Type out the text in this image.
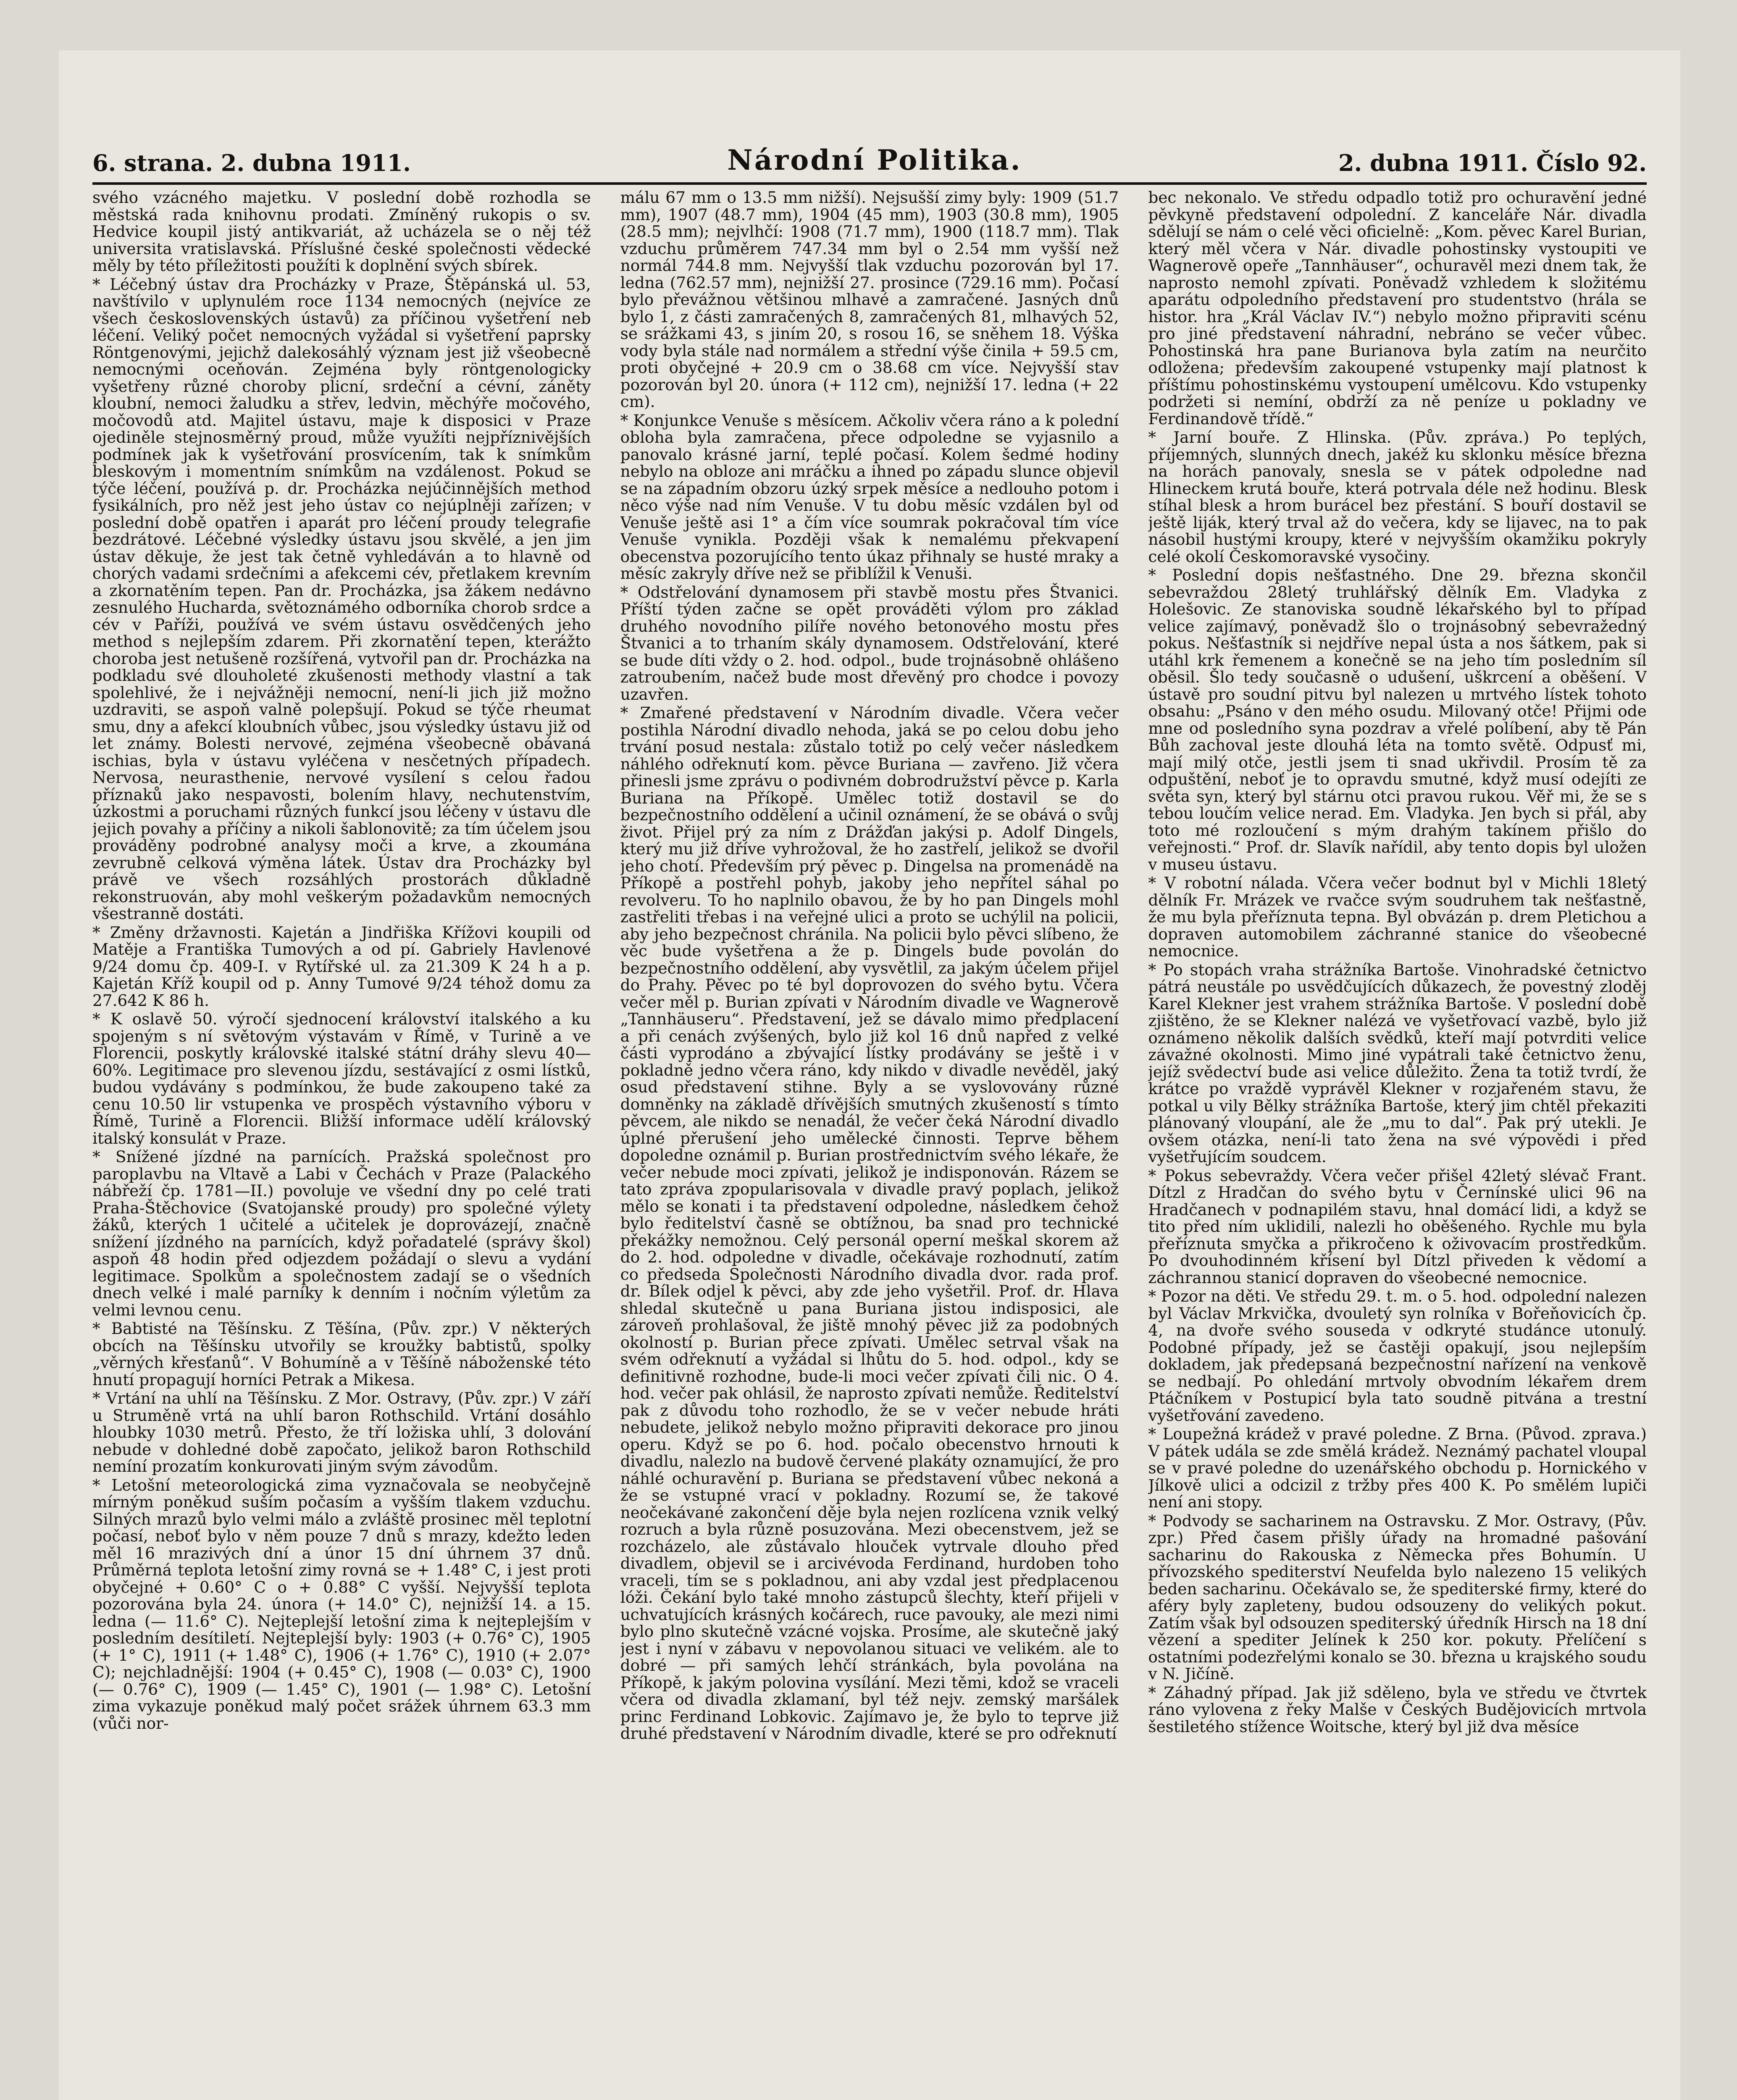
6. strana. 2. dubna 1911.	Národní Politika.	2. dubna 1911. Číslo 92.

svého vzácného majetku. V poslední době rozhodla se městská rada knihovnu prodati. Zmíněný rukopis o sv. Hedvice koupil jistý antikvariát, až ucházela se o něj též universita vratislavská. Příslušné české společnosti vědecké měly by této příležitosti použíti k doplnění svých sbírek.

* Léčebný ústav dra Procházky v Praze, Štěpánská ul. 53, navštívilo v uplynulém roce 1134 nemocných (nejvíce ze všech československých ústavů) za příčinou vyšetření neb léčení. Veliký počet nemocných vyžádal si vyšetření paprsky Röntgenovými, jejichž dalekosáhlý význam jest již všeobecně nemocnými oceňován. Zejména byly röntgenologicky vyšetřeny různé choroby plicní, srdeční a cévní, záněty kloubní, nemoci žaludku a střev, ledvin, měchýře močového, močovodů atd. Majitel ústavu, maje k disposici v Praze ojediněle stejnosměrný proud, může využíti nejpříznivějších podmínek jak k vyšetřování prosvícením, tak k snímkům bleskovým i momentním snímkům na vzdálenost. Pokud se týče léčení, používá p. dr. Procházka nejúčinnějších method fysikálních, pro něž jest jeho ústav co nejúplněji zařízen; v poslední době opatřen i aparát pro léčení proudy telegrafie bezdrátové. Léčebné výsledky ústavu jsou skvělé, a jen jim ústav děkuje, že jest tak četně vyhledáván a to hlavně od chorých vadami srdečními a afekcemi cév, přetlakem krevním a zkornatěním tepen. Pan dr. Procházka, jsa žákem nedávno zesnulého Huchardа, světoznámého odborníka chorob srdce a cév v Paříži, používá ve svém ústavu osvědčených jeho method s nejlepším zdarem. Při zkornatění tepen, kterážto choroba jest netušeně rozšířená, vytvořil pan dr. Procházka na podkladu své dlouholeté zkušenosti methody vlastní a tak spolehlivé, že i nejvážněji nemocní, není-li jich již možno uzdraviti, se aspoň valně polepšují. Pokud se týče rheumat smu, dny a afekcí kloubních vůbec, jsou výsledky ústavu již od let známy. Bolesti nervové, zejména všeobecně obávaná ischias, byla v ústavu vyléčena v nesčetných případech. Nervosa, neurasthenie, nervové vysílení s celou řadou příznaků jako nespavosti, bolením hlavy, nechutenstvím, úzkostmi a poruchami různých funkcí jsou léčeny v ústavu dle jejich povahy a příčiny a nikoli šablonovitě; za tím účelem jsou prováděny podrobné analysy moči a krve, a zkoumána zevrubně celková výměna látek. Ústav dra Procházky byl právě ve všech rozsáhlých prostorách důkladně rekonstruován, aby mohl veškerým požadavkům nemocných všestranně dostáti.

* Změny državnosti. Kajetán a Jindřiška Křížovi koupili od Matěje a Františka Tumových a od pí. Gabriely Havlenové 9/24 domu čp. 409-I. v Rytířské ul. za 21.309 K 24 h a p. Kajetán Kříž koupil od p. Anny Tumové 9/24 téhož domu za 27.642 K 86 h.

* K oslavě 50. výročí sjednocení království italského a ku spojeným s ní světovým výstavám v Římě, v Turině a ve Florencii, poskytly královské italské státní dráhy slevu 40—60%. Legitimace pro slevenou jízdu, sestávající z osmi lístků, budou vydávány s podmínkou, že bude zakoupeno také za cenu 10.50 lir vstupenka ve prospěch výstavního výboru v Římě, Turině a Florencii. Bližší informace udělí královský italský konsulát v Praze.

* Snížené jízdné na parnících. Pražská společnost pro paroplavbu na Vltavě a Labi v Čechách v Praze (Palackého nábřeží čp. 1781—II.) povoluje ve všední dny po celé trati Praha-Štěchovice (Svatojanské proudy) pro společné výlety žáků, kterých 1 učitelé a učitelek je doprovázejí, značně snížení jízdného na parnících, když pořadatelé (správy škol) aspoň 48 hodin před odjezdem požádají o slevu a vydání legitimace. Spolkům a společnostem zadají se o všedních dnech velké i malé parníky k denním i nočním výletům za velmi levnou cenu.

* Babtisté na Těšínsku. Z Těšína, (Pův. zpr.) V některých obcích na Těšínsku utvořily se kroužky babtistů, spolky „věrných křesťanů“. V Bohumíně a v Těšíně náboženské této hnutí propagují horníci Petrak a Mikesa.

* Vrtání na uhlí na Těšínsku. Z Mor. Ostravy, (Pův. zpr.) V září u Struměně vrtá na uhlí baron Rothschild. Vrtání dosáhlo hloubky 1030 metrů. Přesto, že tří ložiska uhlí, 3 dolování nebude v dohledné době započato, jelikož baron Rothschild nemíní prozatím konkurovati jiným svým závodům.

* Letošní meteorologická zima vyznačovala se neobyčejně mírným poněkud suším počasím a vyšším tlakem vzduchu. Silných mrazů bylo velmi málo a zvláště prosinec měl teplotní počasí, neboť bylo v něm pouze 7 dnů s mrazy, kdežto leden měl 16 mrazivých dní a únor 15 dní úhrnem 37 dnů. Průměrná teplota letošní zimy rovná se + 1.48° C, i jest proti obyčejné + 0.60° C o + 0.88° C vyšší. Nejvyšší teplota pozorována byla 24. února (+ 14.0° C), nejnižší 14. a 15. ledna (— 11.6° C). Nejteplejší letošní zima k nejteplejším v posledním desítiletí. Nejteplejší byly: 1903 (+ 0.76° C), 1905 (+ 1° C), 1911 (+ 1.48° C), 1906 (+ 1.76° C), 1910 (+ 2.07° C); nejchladnější: 1904 (+ 0.45° C), 1908 (— 0.03° C), 1900 (— 0.76° C), 1909 (— 1.45° C), 1901 (— 1.98° C). Letošní zima vykazuje poněkud malý počet srážek úhrnem 63.3 mm (vůči nor-

málu 67 mm o 13.5 mm nižší). Nejsušší zimy byly: 1909 (51.7 mm), 1907 (48.7 mm), 1904 (45 mm), 1903 (30.8 mm), 1905 (28.5 mm); nejvlhčí: 1908 (71.7 mm), 1900 (118.7 mm). Tlak vzduchu průměrem 747.34 mm byl o 2.54 mm vyšší než normál 744.8 mm. Nejvyšší tlak vzduchu pozorován byl 17. ledna (762.57 mm), nejnižší 27. prosince (729.16 mm). Počasí bylo převážnou většinou mlhavé a zamračené. Jasných dnů bylo 1, z části zamračených 8, zamračených 81, mlhavých 52, se srážkami 43, s jiním 20, s rosou 16, se sněhem 18. Výška vody byla stále nad normálem a střední výše činila + 59.5 cm, proti obyčejné + 20.9 cm o 38.68 cm více. Nejvyšší stav pozorován byl 20. února (+ 112 cm), nejnižší 17. ledna (+ 22 cm).

* Konjunkce Venuše s měsícem. Ačkoliv včera ráno a k polední obloha byla zamračena, přece odpoledne se vyjasnilo a panovalo krásné jarní, teplé počasí. Kolem šedmé hodiny nebylo na obloze ani mráčku a ihned po západu slunce objevil se na západním obzoru úzký srpek měsíce a nedlouho potom i něco výše nad ním Venuše. V tu dobu měsíc vzdálen byl od Venuše ještě asi 1° a čím více soumrak pokračoval tím více Venuše vynikla. Později však k nemalému překvapení obecenstva pozorujícího tento úkaz přihnaly se husté mraky a měsíc zakryly dříve než se přiblížil k Venuši.

* Odstřelování dynamosem při stavbě mostu přes Štvanici. Příští týden začne se opět prováděti výlom pro základ druhého novodního pilíře nového betonového mostu přes Štvanici a to trhaním skály dynamosem. Odstřelování, které se bude díti vždy o 2. hod. odpol., bude trojnásobně ohlášeno zatroubením, načež bude most dřevěný pro chodce i povozy uzavřen.

* Zmařené představení v Národním divadle. Včera večer postihla Národní divadlo nehoda, jaká se po celou dobu jeho trvání posud nestala: zůstalo totiž po celý večer následkem náhlého odřeknutí kom. pěvce Buriana — zavřeno. Již včera přinesli jsme zprávu o podivném dobrodružství pěvce p. Karla Buriana na Příkopě. Umělec totiž dostavil se do bezpečnostního oddělení a učinil oznámení, že se obává o svůj život. Přijel prý za ním z Drážďan jakýsi p. Adolf Dingels, který mu již dříve vyhrožoval, že ho zastřelí, jelikož se dvořil jeho chotí. Především prý pěvec p. Dingelsa na promenádě na Příkopě a postřehl pohyb, jakoby jeho nepřítel sáhal po revolveru. To ho naplnilo obavou, že by ho pan Dingels mohl zastřeliti třebas i na veřejné ulici a proto se uchýlil na policii, aby jeho bezpečnost chránila. Na policii bylo pěvci slíbeno, že věc bude vyšetřena a že p. Dingels bude povolán do bezpečnostního oddělení, aby vysvětlil, za jakým účelem přijel do Prahy. Pěvec po té byl doprovozen do svého bytu. Včera večer měl p. Burian zpívati v Národním divadle ve Wagnerově „Tannhäuseru“. Představení, jež se dávalo mimo předplacení a při cenách zvýšených, bylo již kol 16 dnů napřed z velké části vyprodáno a zbývající lístky prodávány se ještě i v pokladně jedno včera ráno, kdy nikdo v divadle nevěděl, jaký osud představení stihne. Byly a se vyslovovány různé domněnky na základě dřívějších smutných zkušeností s tímto pěvcem, ale nikdo se nenadál, že večer čeká Národní divadlo úplné přerušení jeho umělecké činnosti. Teprve během dopoledne oznámil p. Burian prostřednictvím svého lékaře, že večer nebude moci zpívati, jelikož je indisponován. Rázem se tato zpráva zpopularisovala v divadle pravý poplach, jelikož mělo se konati i ta představení odpoledne, následkem čehož bylo ředitelství časně se obtížnou, ba snad pro technické překážky nemožnou. Celý personál operní meškal skorem až do 2. hod. odpoledne v divadle, očekávaje rozhodnutí, zatím co předseda Společnosti Národního divadla dvor. rada prof. dr. Bílek odjel k pěvci, aby zde jeho vyšetřil. Prof. dr. Hlava shledal skutečně u pana Buriana jistou indisposici, ale zároveň prohlašoval, že jiště mnohý pěvec již za podobných okolností p. Burian přece zpívati. Umělec setrval však na svém odřeknutí a vyžádal si lhůtu do 5. hod. odpol., kdy se definitivně rozhodne, bude-li moci večer zpívati čili nic. O 4. hod. večer pak ohlásil, že naprosto zpívati nemůže. Ředitelství pak z důvodu toho rozhodlo, že se v večer nebude hráti nebudete, jelikož nebylo možno připraviti dekorace pro jinou operu. Když se po 6. hod. počalo obecenstvo hrnouti k divadlu, nalezlo na budově červené plakáty oznamující, že pro náhlé ochuravění p. Buriana se představení vůbec nekoná a že se vstupné vrací v pokladny. Rozumí se, že takové neočekávané zakončení děje byla nejen rozlícena vznik velký rozruch a byla různě posuzována. Mezi obecenstvem, jež se rozcházelo, ale zůstávalo hlouček vytrvale dlouho před divadlem, objevil se i arcivévoda Ferdinand, hurdoben toho vraceli, tím se s pokladnou, ani aby vzdal jest předplacenou lóži. Čekání bylo také mnoho zástupců šlechty, kteří přijeli v uchvatujících krásných kočárech, ruce pavouky, ale mezi nimi bylo plno skutečně vzácné vojska. Prosíme, ale skutečně jaký jest i nyní v zábavu v nepovolanou situaci ve velikém. ale to dobré — při samých lehčí stránkách, byla povolána na Příkopě, k jakým polovina vysílání. Mezi těmi, kdož se vraceli včera od divadla zklamaní, byl též nejv. zemský maršálek princ Ferdinand Lobkovic. Zajímavo je, že bylo to teprve již druhé představení v Národním divadle, které se pro odřeknutí

bec nekonalo. Ve středu odpadlo totiž pro ochuravění jedné pěvkyně představení odpolední. Z kanceláře Nár. divadla sdělují se nám o celé věci oficielně: „Kom. pěvec Karel Burian, který měl včera v Nár. divadle pohostinsky vystoupiti ve Wagnerově opeře „Tannhäuser“, ochuravěl mezi dnem tak, že naprosto nemohl zpívati. Poněvadž vzhledem k složitému aparátu odpoledního představení pro studentstvo (hrála se histor. hra „Král Václav IV.“) nebylo možno připraviti scénu pro jiné představení náhradní, nebráno se večer vůbec. Pohostinská hra pane Burianova byla zatím na neurčito odložena; především zakoupené vstupenky mají platnost k příštímu pohostinskému vystoupení umělcovu. Kdo vstupenky podržeti si nemíní, obdrží za ně peníze u pokladny ve Ferdinandově třídě.“

* Jarní bouře. Z Hlinska. (Pův. zpráva.) Po teplých, příjemných, slunných dnech, jakéž ku sklonku měsíce března na horách panovaly, snesla se v pátek odpoledne nad Hlineckem krutá bouře, která potrvala déle než hodinu. Blesk stíhal blesk a hrom burácel bez přestání. S bouří dostavil se ještě liják, který trval až do večera, kdy se lijavec, na to pak násobil hustými kroupy, které v nejvyšším okamžiku pokryly celé okolí Českomoravské vysočiny.

* Poslední dopis nešťastného. Dne 29. března skončil sebevraždou 28letý truhlářský dělník Em. Vladyka z Holešovic. Ze stanoviska soudně lékařského byl to případ velice zajímavý, poněvadž šlo o trojnásobný sebevražedný pokus. Nešťastník si nejdříve nepal ústa a nos šátkem, pak si utáhl krk řemenem a konečně se na jeho tím posledním síl oběsil. Šlo tedy současně o udušení, uškrcení a oběšení. V ústavě pro soudní pitvu byl nalezen u mrtvého lístek tohoto obsahu: „Psáno v den mého osudu. Milovaný otče! Přijmi ode mne od posledního syna pozdrav a vřelé políbení, aby tě Pán Bůh zachoval jeste dlouhá léta na tomto světě. Odpusť mi, mají milý otče, jestli jsem ti snad ukřivdil. Prosím tě za odpuštění, neboť je to opravdu smutné, když musí odejíti ze světa syn, který byl stárnu otci pravou rukou. Věř mi, že se s tebou loučím velice nerad. Em. Vladyka. Jen bych si přál, aby toto mé rozloučení s mým drahým takínem přišlo do veřejnosti.“ Prof. dr. Slavík nařídil, aby tento dopis byl uložen v museu ústavu.

* V robotní nálada. Včera večer bodnut byl v Michli 18letý dělník Fr. Mrázek ve rvačce svým soudruhem tak nešťastně, že mu byla přeříznuta tepna. Byl obvázán p. drem Pletichou a dopraven automobilem záchranné stanice do všeobecné nemocnice.

* Po stopách vraha strážníka Bartoše. Vinohradské četnictvo pátrá neustále po usvědčujících důkazech, že povestný zloděj Karel Klekner jest vrahem strážníka Bartoše. V poslední době zjištěno, že se Klekner nalézá ve vyšetřovací vazbě, bylo již oznámeno několik dalších svědků, kteří mají potvrditi velice závažné okolnosti. Mimo jiné vypátrali také četnictvo ženu, jejíž svědectví bude asi velice důležito. Žena ta totiž tvrdí, že krátce po vraždě vyprávěl Klekner v rozjařeném stavu, že potkal u vily Bělky strážníka Bartoše, který jim chtěl překaziti plánovaný vloupání, ale že „mu to dal“. Pak prý utekli. Je ovšem otázka, není-li tato žena na své výpovědi i před vyšetřujícím soudcem.

* Pokus sebevraždy. Včera večer přišel 42letý slévač Frant. Dítzl z Hradčan do svého bytu v Černínské ulici 96 na Hradčanech v podnapilém stavu, hnal domácí lidi, a když se tito před ním uklidili, nalezli ho oběšeného. Rychle mu byla přeříznuta smyčka a přikročeno k oživovacím prostředkům. Po dvouhodinném křísení byl Dítzl přiveden k vědomí a záchrannou stanicí dopraven do všeobecné nemocnice.

* Pozor na děti. Ve středu 29. t. m. o 5. hod. odpolední nalezen byl Václav Mrkvička, dvouletý syn rolníka v Bořeňovicích čp. 4, na dvoře svého souseda v odkryté studánce utonulý. Podobné případy, jež se častěji opakují, jsou nejlepším dokladem, jak předepsaná bezpečnostní nařízení na venkově se nedbají. Po ohledání mrtvoly obvodním lékařem drem Ptáčníkem v Postupicí byla tato soudně pitvána a trestní vyšetřování zavedeno.

* Loupežná krádež v pravé poledne. Z Brna. (Původ. zprava.) V pátek udála se zde smělá krádež. Neznámý pachatel vloupal se v pravé poledne do uzenářského obchodu p. Hornického v Jílkově ulici a odcizil z tržby přes 400 K. Po smělém lupiči není ani stopy.

* Podvody se sacharinem na Ostravsku. Z Mor. Ostravy, (Pův. zpr.) Před časem přišly úřady na hromadné pašování sacharinu do Rakouska z Německa přes Bohumín. U přívozského spediterství Neufelda bylo nalezeno 15 velikých beden sacharinu. Očekávalo se, že spediterské firmy, které do aféry byly zapleteny, budou odsouzeny do velikých pokut. Zatím však byl odsouzen spediterský úředník Hirsch na 18 dní vězení a spediter Jelínek k 250 kor. pokuty. Přelíčení s ostatními podezřelými konalo se 30. března u krajského soudu v N. Jičíně.

* Záhadný případ. Jak již sděleno, byla ve středu ve čtvrtek ráno vylovena z řeky Malše v Českých Budějovicích mrtvola šestiletého stížence Woitsche, který byl již dva měsíce
